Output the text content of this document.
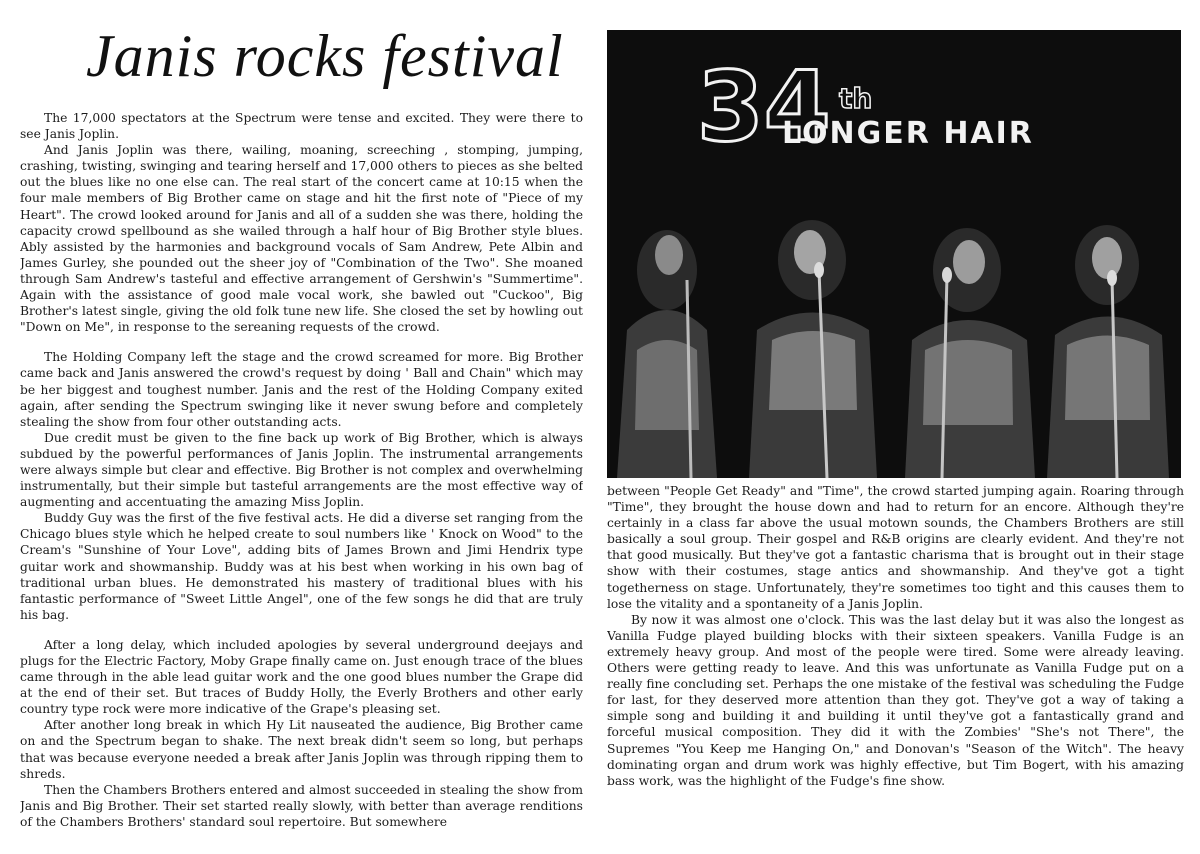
Janis rocks festival

The 17,000 spectators at the Spectrum were tense and excited. They were there to see Janis Joplin.

And Janis Joplin was there, wailing, moaning, screeching , stomping, jumping, crashing, twisting, swinging and tearing herself and 17,000 others to pieces as she belted out the blues like no one else can. The real start of the concert came at 10:15 when the four male members of Big Brother came on stage and hit the first note of "Piece of my Heart". The crowd looked around for Janis and all of a sudden she was there, holding the capacity crowd spellbound as she wailed through a half hour of Big Brother style blues. Ably assisted by the harmonies and background vocals of Sam Andrew, Pete Albin and James Gurley, she pounded out the sheer joy of "Combination of the Two". She moaned through Sam Andrew's tasteful and effective arrangement of Gershwin's "Summertime". Again with the assistance of good male vocal work, she bawled out "Cuckoo", Big Brother's latest single, giving the old folk tune new life. She closed the set by howling out "Down on Me", in response to the sereaning requests of the crowd.

The Holding Company left the stage and the crowd screamed for more. Big Brother came back and Janis answered the crowd's request by doing ' Ball and Chain" which may be her biggest and toughest number. Janis and the rest of the Holding Company exited again, after sending the Spectrum swinging like it never swung before and completely stealing the show from four other outstanding acts.

Due credit must be given to the fine back up work of Big Brother, which is always subdued by the powerful performances of Janis Joplin. The instrumental arrangements were always simple but clear and effective. Big Brother is not complex and overwhelming instrumentally, but their simple but tasteful arrangements are the most effective way of augmenting and accentuating the amazing Miss Joplin.

Buddy Guy was the first of the five festival acts. He did a diverse set ranging from the Chicago blues style which he helped create to soul numbers like ' Knock on Wood" to the Cream's "Sunshine of Your Love", adding bits of James Brown and Jimi Hendrix type guitar work and showmanship. Buddy was at his best when working in his own bag of traditional urban blues. He demonstrated his mastery of traditional blues with his fantastic performance of "Sweet Little Angel", one of the few songs he did that are truly his bag.

After a long delay, which included apologies by several underground deejays and plugs for the Electric Factory, Moby Grape finally came on. Just enough trace of the blues came through in the able lead guitar work and the one good blues number the Grape did at the end of their set. But traces of Buddy Holly, the Everly Brothers and other early country type rock were more indicative of the Grape's pleasing set.

After another long break in which Hy Lit nauseated the audience, Big Brother came on and the Spectrum began to shake. The next break didn't seem so long, but perhaps that was because everyone needed a break after Janis Joplin was through ripping them to shreds.

Then the Chambers Brothers entered and almost succeeded in stealing the show from Janis and Big Brother. Their set started really slowly, with better than average renditions of the Chambers Brothers' standard soul repertoire. But somewhere

34 th
LONGER HAIR

between "People Get Ready" and "Time", the crowd started jumping again. Roaring through "Time", they brought the house down and had to return for an encore. Although they're certainly in a class far above the usual motown sounds, the Chambers Brothers are still basically a soul group. Their gospel and R&B origins are clearly evident. And they're not that good musically. But they've got a fantastic charisma that is brought out in their stage show with their costumes, stage antics and showmanship. And they've got a tight togetherness on stage. Unfortunately, they're sometimes too tight and this causes them to lose the vitality and a spontaneity of a Janis Joplin.

By now it was almost one o'clock. This was the last delay but it was also the longest as Vanilla Fudge played building blocks with their sixteen speakers. Vanilla Fudge is an extremely heavy group. And most of the people were tired. Some were already leaving. Others were getting ready to leave. And this was unfortunate as Vanilla Fudge put on a really fine concluding set. Perhaps the one mistake of the festival was scheduling the Fudge for last, for they deserved more attention than they got. They've got a way of taking a simple song and building it and building it until they've got a fantastically grand and forceful musical composition. They did it with the Zombies' "She's not There", the Supremes "You Keep me Hanging On," and Donovan's "Season of the Witch". The heavy dominating organ and drum work was highly effective, but Tim Bogert, with his amazing bass work, was the highlight of the Fudge's fine show.
